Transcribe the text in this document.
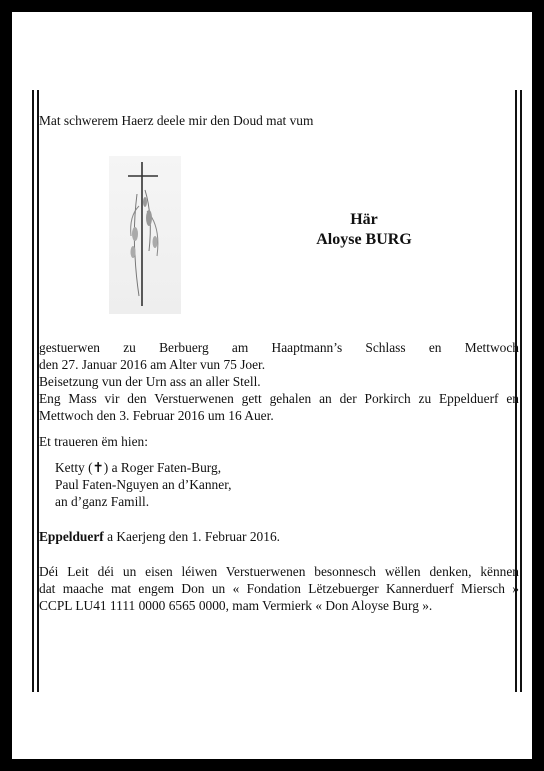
Mat schwerem Haerz deele mir den Doud mat vum
Här
Aloyse BURG
gestuerwen zu Berbuerg am Haaptmann’s Schlass en Mettwoch
den 27. Januar 2016 am Alter vun 75 Joer.
Beisetzung vun der Urn ass an aller Stell.
Eng Mass vir den Verstuerwenen gett gehalen an der Porkirch zu Eppelduerf en
Mettwoch den 3. Februar 2016 um 16 Auer.
Et traueren ëm hien:
Ketty (✝) a Roger Faten-Burg,
Paul Faten-Nguyen an d’Kanner,
an d’ganz Famill.
Eppelduerf a Kaerjeng den 1. Februar 2016.
Déi Leit déi un eisen léiwen Verstuerwenen besonnesch wëllen denken, kënnen
dat maache mat engem Don un « Fondation Lëtzebuerger Kannerduerf Miersch »
CCPL LU41 1111 0000 6565 0000, mam Vermierk « Don Aloyse Burg ».
